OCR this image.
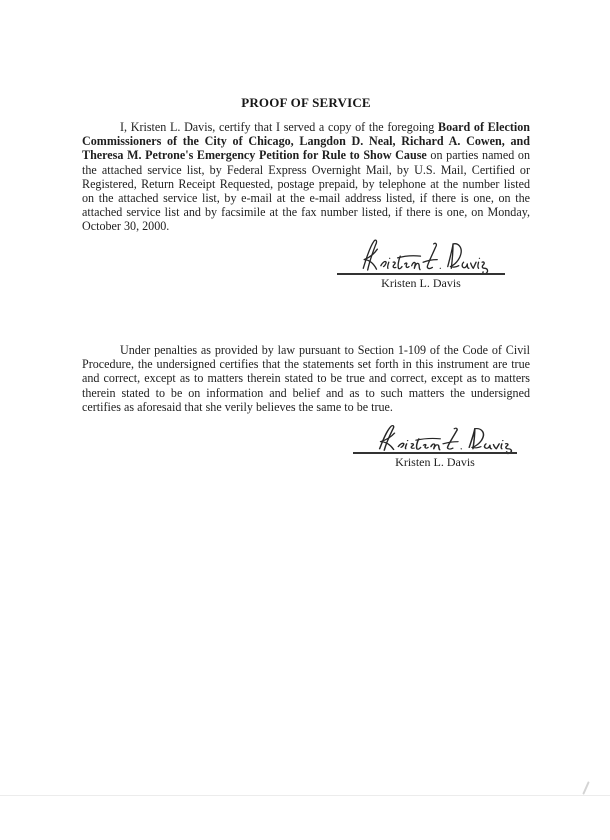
PROOF OF SERVICE
I, Kristen L. Davis, certify that I served a copy of the foregoing Board of Election Commissioners of the City of Chicago, Langdon D. Neal, Richard A. Cowen, and Theresa M. Petrone's Emergency Petition for Rule to Show Cause on parties named on the attached service list, by Federal Express Overnight Mail, by U.S. Mail, Certified or Registered, Return Receipt Requested, postage prepaid, by telephone at the number listed on the attached service list, by e-mail at the e-mail address listed, if there is one, on the attached service list and by facsimile at the fax number listed, if there is one, on Monday, October 30, 2000.
Kristen L. Davis
Under penalties as provided by law pursuant to Section 1-109 of the Code of Civil Procedure, the undersigned certifies that the statements set forth in this instrument are true and correct, except as to matters therein stated to be true and correct, except as to matters therein stated to be on information and belief and as to such matters the undersigned certifies as aforesaid that she verily believes the same to be true.
Kristen L. Davis
